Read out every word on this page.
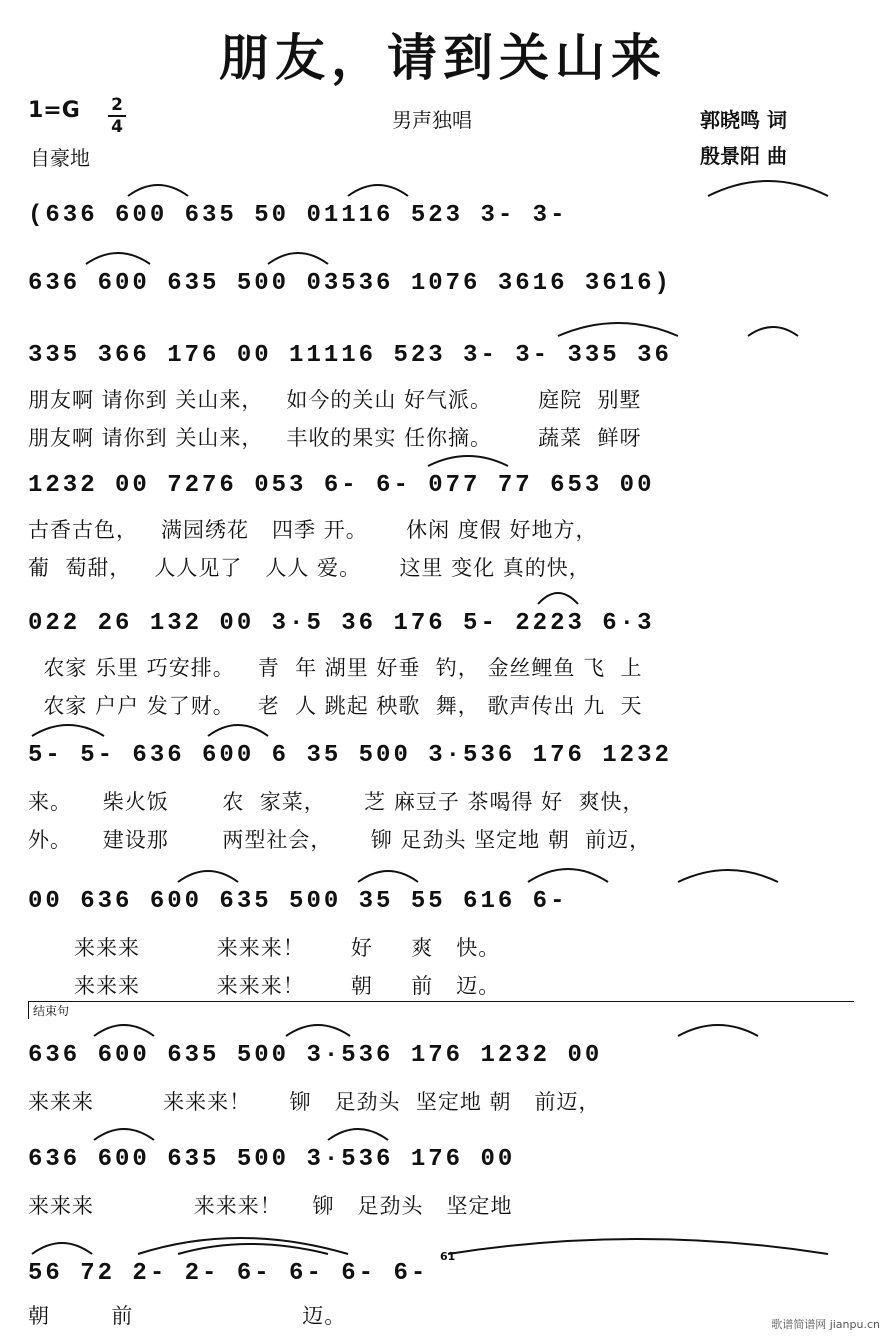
朋友，请到关山来
1=G 2
4
自豪地
男声独唱	郭晓鸣 词
殷景阳 曲
(636 600 635 50 01116 523 3- 3-
636 600 635 500 03536 1076 3616 3616)
335 366 176 00 11116 523 3- 3- 335 36
朋友啊 请你到 关山来，   如今的关山 好气派。      庭院  别墅
朋友啊 请你到 关山来，   丰收的果实 任你摘。      蔬菜  鲜呀
1232 00 7276 053 6- 6- 077 77 653 00
古香古色，   满园绣花   四季 开。     休闲 度假 好地方，
葡  萄甜，   人人见了   人人 爱。     这里 变化 真的快，
022 26 132 00 3·5 36 176 5- 2223 6·3
农家 乐里 巧安排。   青  年 湖里 好垂  钓， 金丝鲤鱼 飞  上
农家 户户 发了财。   老  人 跳起 秧歌  舞， 歌声传出 九  天
5- 5- 636 600 6 35 500 3·536 176 1232
来。    柴火饭       农  家菜，     芝 麻豆子 茶喝得 好  爽快，
外。    建设那       两型社会，     铆 足劲头 坚定地 朝  前迈，
00 636 600 635 500 35 55 616 6-
来来来          来来来！      好     爽   快。
来来来          来来来！      朝     前   迈。
结束句
636 600 635 500 3·536 176 1232 00
来来来         来来来！     铆   足劲头  坚定地 朝   前迈，
636 600 635 500 3·536 176 00
来来来             来来来！    铆   足劲头   坚定地
56 72 2- 2- 6- 6- 6- 6-
61
朝        前                      迈。	歌谱简谱网 jianpu.cn
